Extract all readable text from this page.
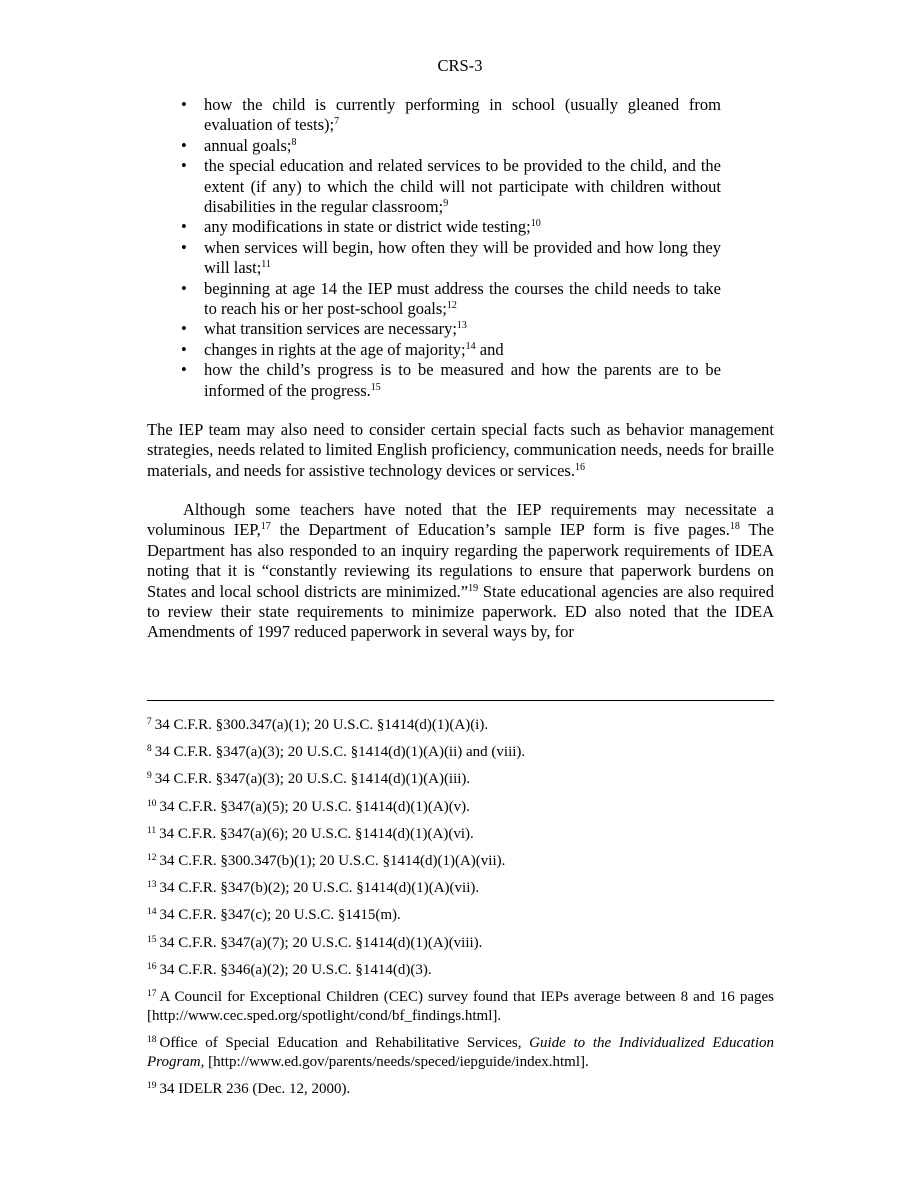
CRS-3
• how the child is currently performing in school (usually gleaned from evaluation of tests);$^7$
• annual goals;$^8$
• the special education and related services to be provided to the child, and the extent (if any) to which the child will not participate with children without disabilities in the regular classroom;$^9$
• any modifications in state or district wide testing;$^{10}$
• when services will begin, how often they will be provided and how long they will last;$^{11}$
• beginning at age 14 the IEP must address the courses the child needs to take to reach his or her post-school goals;$^{12}$
• what transition services are necessary;$^{13}$
• changes in rights at the age of majority;$^{14}$ and
• how the child’s progress is to be measured and how the parents are to be informed of the progress.$^{15}$

The IEP team may also need to consider certain special facts such as behavior management strategies, needs related to limited English proficiency, communication needs, needs for braille materials, and needs for assistive technology devices or services.$^{16}$

Although some teachers have noted that the IEP requirements may necessitate a voluminous IEP,$^{17}$ the Department of Education’s sample IEP form is five pages.$^{18}$ The Department has also responded to an inquiry regarding the paperwork requirements of IDEA noting that it is “constantly reviewing its regulations to ensure that paperwork burdens on States and local school districts are minimized.”$^{19}$ State educational agencies are also required to review their state requirements to minimize paperwork. ED also noted that the IDEA Amendments of 1997 reduced paperwork in several ways by, for

$^7$ 34 C.F.R. §300.347(a)(1); 20 U.S.C. §1414(d)(1)(A)(i).
$^8$ 34 C.F.R. §347(a)(3); 20 U.S.C. §1414(d)(1)(A)(ii) and (viii).
$^9$ 34 C.F.R. §347(a)(3); 20 U.S.C. §1414(d)(1)(A)(iii).
$^{10}$ 34 C.F.R. §347(a)(5); 20 U.S.C. §1414(d)(1)(A)(v).
$^{11}$ 34 C.F.R. §347(a)(6); 20 U.S.C. §1414(d)(1)(A)(vi).
$^{12}$ 34 C.F.R. §300.347(b)(1); 20 U.S.C. §1414(d)(1)(A)(vii).
$^{13}$ 34 C.F.R. §347(b)(2); 20 U.S.C. §1414(d)(1)(A)(vii).
$^{14}$ 34 C.F.R. §347(c); 20 U.S.C. §1415(m).
$^{15}$ 34 C.F.R. §347(a)(7); 20 U.S.C. §1414(d)(1)(A)(viii).
$^{16}$ 34 C.F.R. §346(a)(2); 20 U.S.C. §1414(d)(3).
$^{17}$ A Council for Exceptional Children (CEC) survey found that IEPs average between 8 and 16 pages [http://www.cec.sped.org/spotlight/cond/bf_findings.html].
$^{18}$ Office of Special Education and Rehabilitative Services, Guide to the Individualized Education Program, [http://www.ed.gov/parents/needs/speced/iepguide/index.html].
$^{19}$ 34 IDELR 236 (Dec. 12, 2000).
